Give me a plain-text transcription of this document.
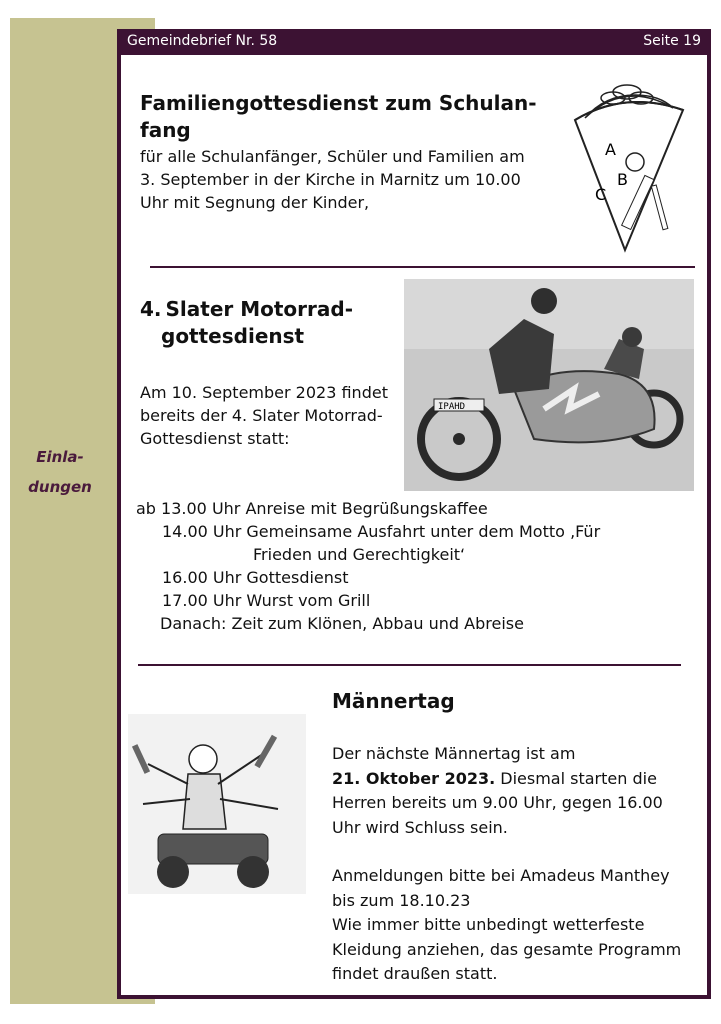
Einla-
dungen
Gemeindebrief Nr. 58	Seite 19
Familiengottesdienst zum Schulan-
fang
für alle Schulanfänger, Schüler und Familien am
3. September in der Kirche in Marnitz um 10.00
Uhr mit Segnung der Kinder,
A
B
C
4.  Slater Motorrad-
gottesdienst
Am 10. September 2023 findet
bereits der 4. Slater Motorrad-
Gottesdienst statt:
IPAHD
ab 13.00 Uhr Anreise mit Begrüßungskaffee
14.00 Uhr Gemeinsame Ausfahrt unter dem Motto ‚Für
Frieden und Gerechtigkeit‘
16.00 Uhr Gottesdienst
17.00 Uhr Wurst vom Grill
Danach: Zeit zum Klönen, Abbau und Abreise
Männertag
Der nächste Männertag ist am
21. Oktober 2023. Diesmal starten die
Herren bereits um 9.00 Uhr, gegen 16.00
Uhr wird Schluss sein.
Anmeldungen bitte bei Amadeus Manthey
bis zum 18.10.23
Wie immer bitte unbedingt wetterfeste
Kleidung anziehen, das gesamte Programm
findet draußen statt.
